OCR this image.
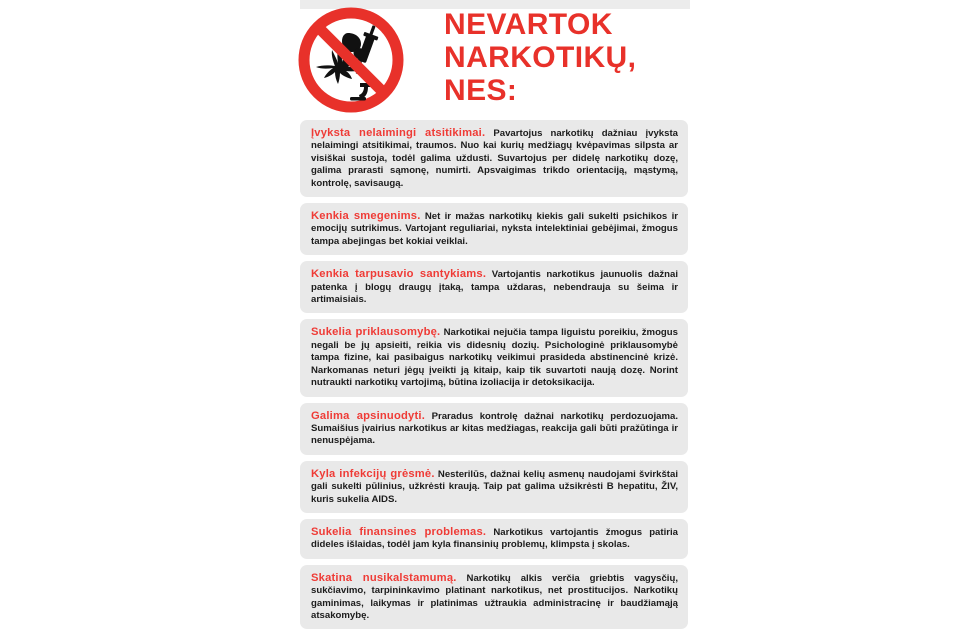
NEVARTOK
NARKOTIKŲ,
NES:
Įvyksta nelaimingi atsitikimai. Pavartojus narkotikų dažniau įvyksta nelaimingi atsitikimai, traumos. Nuo kai kurių medžiagų kvėpavimas silpsta ar visiškai sustoja, todėl galima uždusti. Suvartojus per didelę narkotikų dozę, galima prarasti sąmonę, numirti. Apsvaigimas trikdo orientaciją, mąstymą, kontrolę, savisaugą.
Kenkia smegenims. Net ir mažas narkotikų kiekis gali sukelti psichikos ir emocijų sutrikimus. Vartojant reguliariai, nyksta intelektiniai gebėjimai, žmogus tampa abejingas bet kokiai veiklai.
Kenkia tarpusavio santykiams. Vartojantis narkotikus jaunuolis dažnai patenka į blogų draugų įtaką, tampa uždaras, nebendrauja su šeima ir artimaisiais.
Sukelia priklausomybę. Narkotikai nejučia tampa liguistu poreikiu, žmogus negali be jų apsieiti, reikia vis didesnių dozių. Psichologinė priklausomybė tampa fizine, kai pasibaigus narkotikų veikimui prasideda abstinencinė krizė. Narkomanas neturi jėgų įveikti ją kitaip, kaip tik suvartoti naują dozę. Norint nutraukti narkotikų vartojimą, būtina izoliacija ir detoksikacija.
Galima apsinuodyti. Praradus kontrolę dažnai narkotikų perdozuojama. Sumaišius įvairius narkotikus ar kitas medžiagas, reakcija gali būti pražūtinga ir nenuspėjama.
Kyla infekcijų grėsmė. Nesterilūs, dažnai kelių asmenų naudojami švirkštai gali sukelti pūlinius, užkrėsti kraują. Taip pat galima užsikrėsti B hepatitu, ŽIV, kuris sukelia AIDS.
Sukelia finansines problemas. Narkotikus vartojantis žmogus patiria dideles išlaidas, todėl jam kyla finansinių problemų, klimpsta į skolas.
Skatina nusikalstamumą. Narkotikų alkis verčia griebtis vagysčių, sukčiavimo, tarpininkavimo platinant narkotikus, net prostitucijos. Narkotikų gaminimas, laikymas ir platinimas užtraukia administracinę ir baudžiamąją atsakomybę.
